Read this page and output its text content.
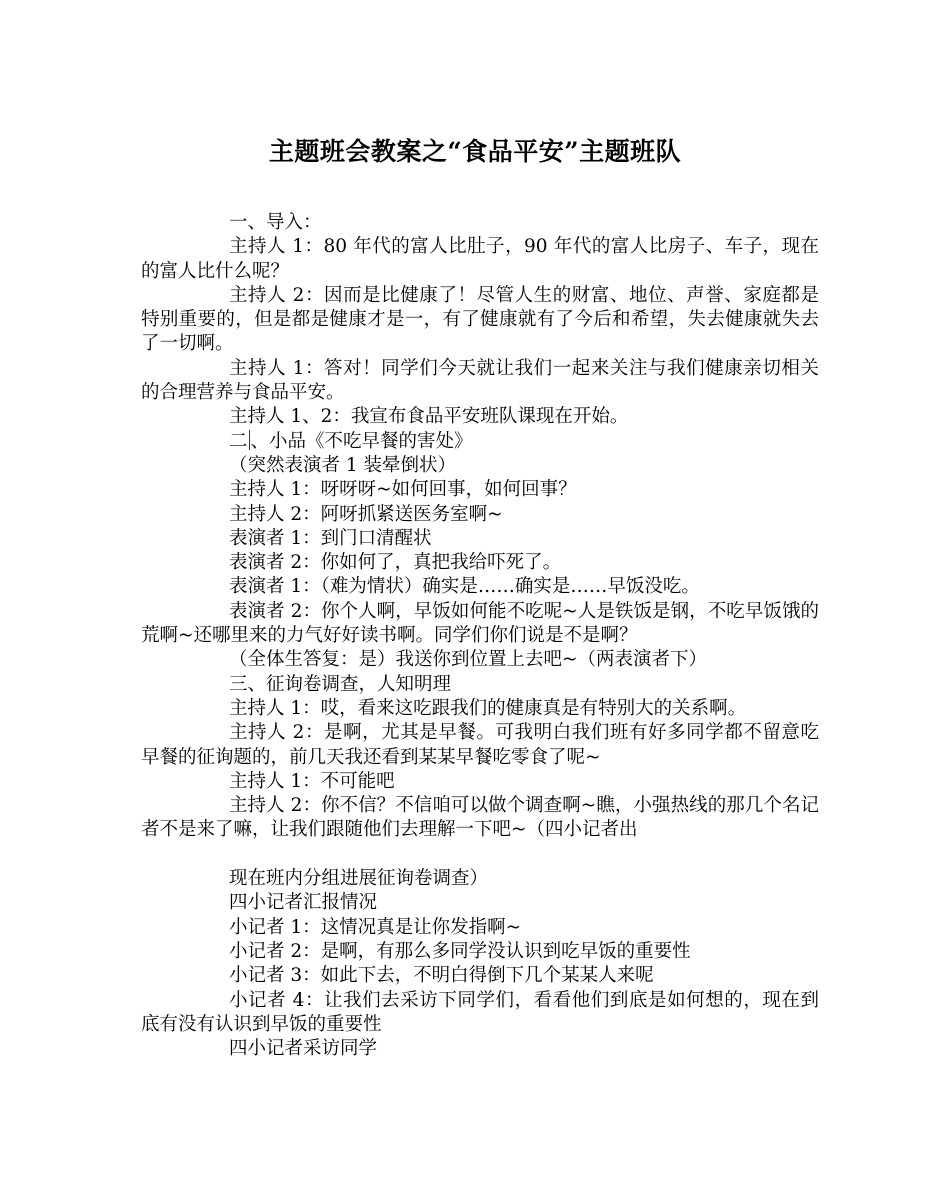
主题班会教案之“食品平安”主题班队

一、导入：

主持人 1：80 年代的富人比肚子，90 年代的富人比房子、车子，现在的富人比什么呢？

主持人 2：因而是比健康了！尽管人生的财富、地位、声誉、家庭都是特别重要的，但是都是健康才是一，有了健康就有了今后和希望，失去健康就失去了一切啊。

主持人 1：答对！同学们今天就让我们一起来关注与我们健康亲切相关的合理营养与食品平安。

主持人 1、2：我宣布食品平安班队课现在开始。

二 、小品《不吃早餐的害处》

（突然表演者 1 装晕倒状）

主持人 1：呀呀呀~如何回事，如何回事？

主持人 2：阿呀抓紧送医务室啊~

表演者 1：到门口清醒状

表演者 2：你如何了，真把我给吓死了。

表演者 1：（难为情状）确实是……确实是……早饭没吃。

表演者 2：你个人啊，早饭如何能不吃呢~人是铁饭是钢，不吃早饭饿的荒啊~还哪里来的力气好好读书啊。同学们你们说是不是啊？

（全体生答复：是）我送你到位置上去吧~（两表演者下）

三、征询卷调查，人知明理

主持人 1：哎，看来这吃跟我们的健康真是有特别大的关系啊。

主持人 2：是啊，尤其是早餐。可我明白我们班有好多同学都不留意吃早餐的征询题的，前几天我还看到某某早餐吃零食了呢~

主持人 1：不可能吧

主持人 2：你不信？不信咱可以做个调查啊~瞧，小强热线的那几个名记者不是来了嘛，让我们跟随他们去理解一下吧~（四小记者出

现在班内分组进展征询卷调查）

四小记者汇报情况

小记者 1：这情况真是让你发指啊~

小记者 2：是啊，有那么多同学没认识到吃早饭的重要性

小记者 3：如此下去，不明白得倒下几个某某人来呢

小记者 4：让我们去采访下同学们，看看他们到底是如何想的，现在到底有没有认识到早饭的重要性

四小记者采访同学
